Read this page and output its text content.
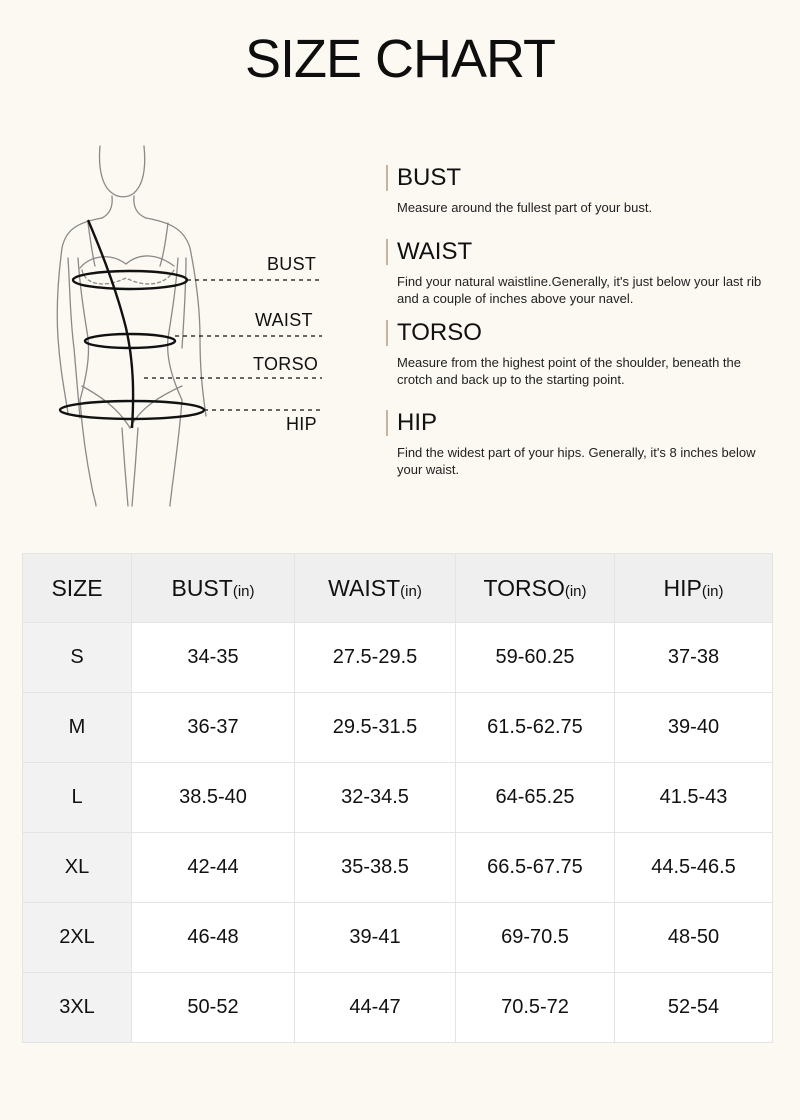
SIZE CHART
BUST
WAIST
TORSO
HIP
BUST
Measure around the fullest part of your bust.
WAIST
Find your natural waistline.Generally, it's just below your last rib and a couple of inches above your navel.
TORSO
Measure from the highest point of the shoulder, beneath the crotch and back up to the starting point.
HIP
Find the widest part of your hips. Generally, it's 8 inches below your waist.
SIZE	BUST(in)	WAIST(in)	TORSO(in)	HIP(in)
S	34-35	27.5-29.5	59-60.25	37-38
M	36-37	29.5-31.5	61.5-62.75	39-40
L	38.5-40	32-34.5	64-65.25	41.5-43
XL	42-44	35-38.5	66.5-67.75	44.5-46.5
2XL	46-48	39-41	69-70.5	48-50
3XL	50-52	44-47	70.5-72	52-54
